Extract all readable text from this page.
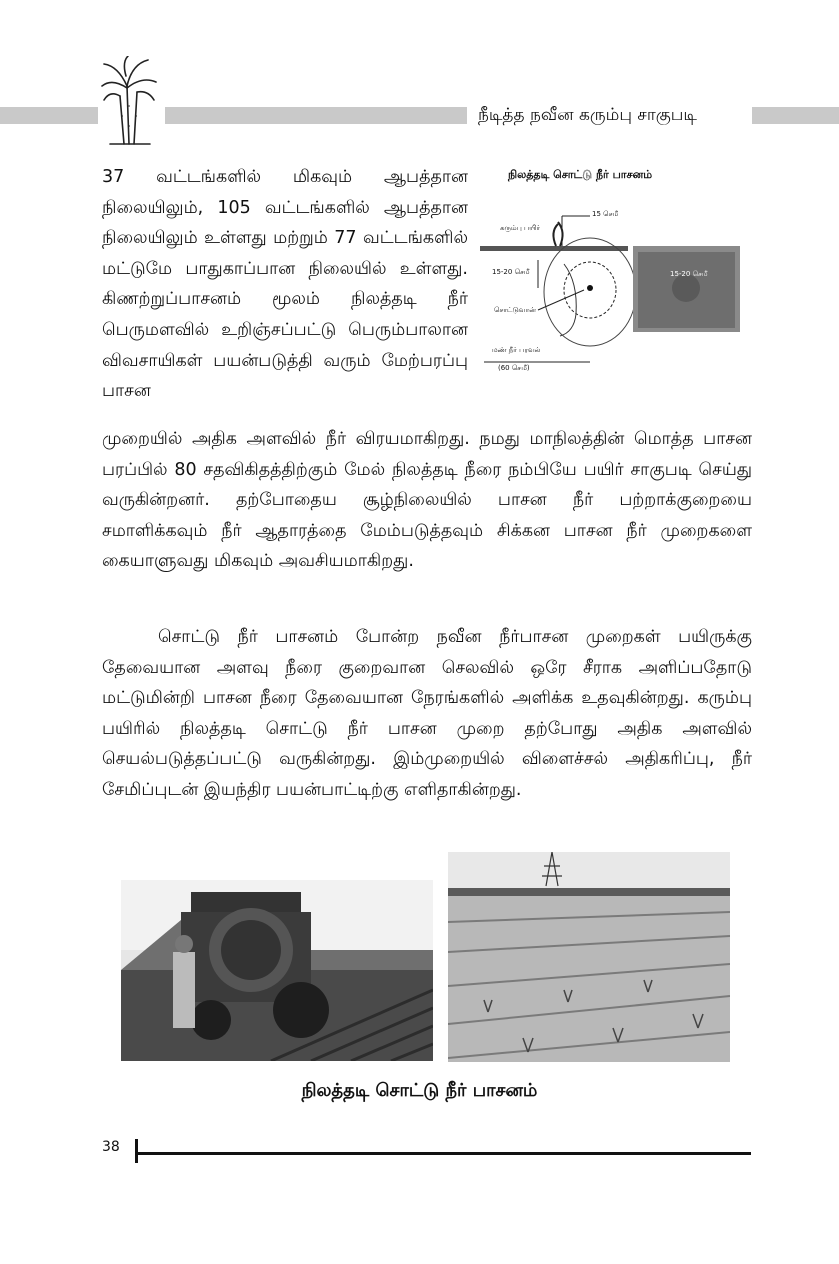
நீடித்த நவீன கரும்பு சாகுபடி
37 வட்டங்களில் மிகவும் ஆபத்தான நிலையிலும், 105 வட்டங்களில் ஆபத்தான நிலையிலும் உள்ளது மற்றும் 77 வட்டங்களில் மட்டுமே பாதுகாப்பான நிலையில் உள்ளது. கிணற்றுப்பாசனம் மூலம் நிலத்தடி நீர் பெருமளவில் உறிஞ்சப்பட்டு பெரும்பாலான விவசாயிகள் பயன்படுத்தி வரும் மேற்பரப்பு பாசன
முறையில் அதிக அளவில் நீர் விரயமாகிறது. நமது மாநிலத்தின் மொத்த பாசன பரப்பில் 80 சதவிகிதத்திற்கும் மேல் நிலத்தடி நீரை நம்பியே பயிர் சாகுபடி செய்து வருகின்றனர். தற்போதைய சூழ்நிலையில் பாசன நீர் பற்றாக்குறையை சமாளிக்கவும் நீர் ஆதாரத்தை மேம்படுத்தவும் சிக்கன பாசன நீர் முறைகளை கையாளுவது மிகவும் அவசியமாகிறது.
சொட்டு நீர் பாசனம் போன்ற நவீன நீர்பாசன முறைகள் பயிருக்கு தேவையான அளவு நீரை குறைவான செலவில் ஒரே சீராக அளிப்பதோடு மட்டுமின்றி பாசன நீரை தேவையான நேரங்களில் அளிக்க உதவுகின்றது. கரும்பு பயிரில் நிலத்தடி சொட்டு நீர் பாசன முறை தற்போது அதிக அளவில் செயல்படுத்தப்பட்டு வருகின்றது. இம்முறையில் விளைச்சல் அதிகரிப்பு, நீர் சேமிப்புடன் இயந்திர பயன்பாட்டிற்கு எளிதாகின்றது.
நிலத்தடி சொட்டு நீர் பாசனம்
கரும்பு பயிர்
15 செமீ
15-20 செமீ
சொட்டுவான்
மண் நீர் பரவல்
(60 செமீ)
15-20 செமீ
நிலத்தடி சொட்டு நீர் பாசனம்
38
